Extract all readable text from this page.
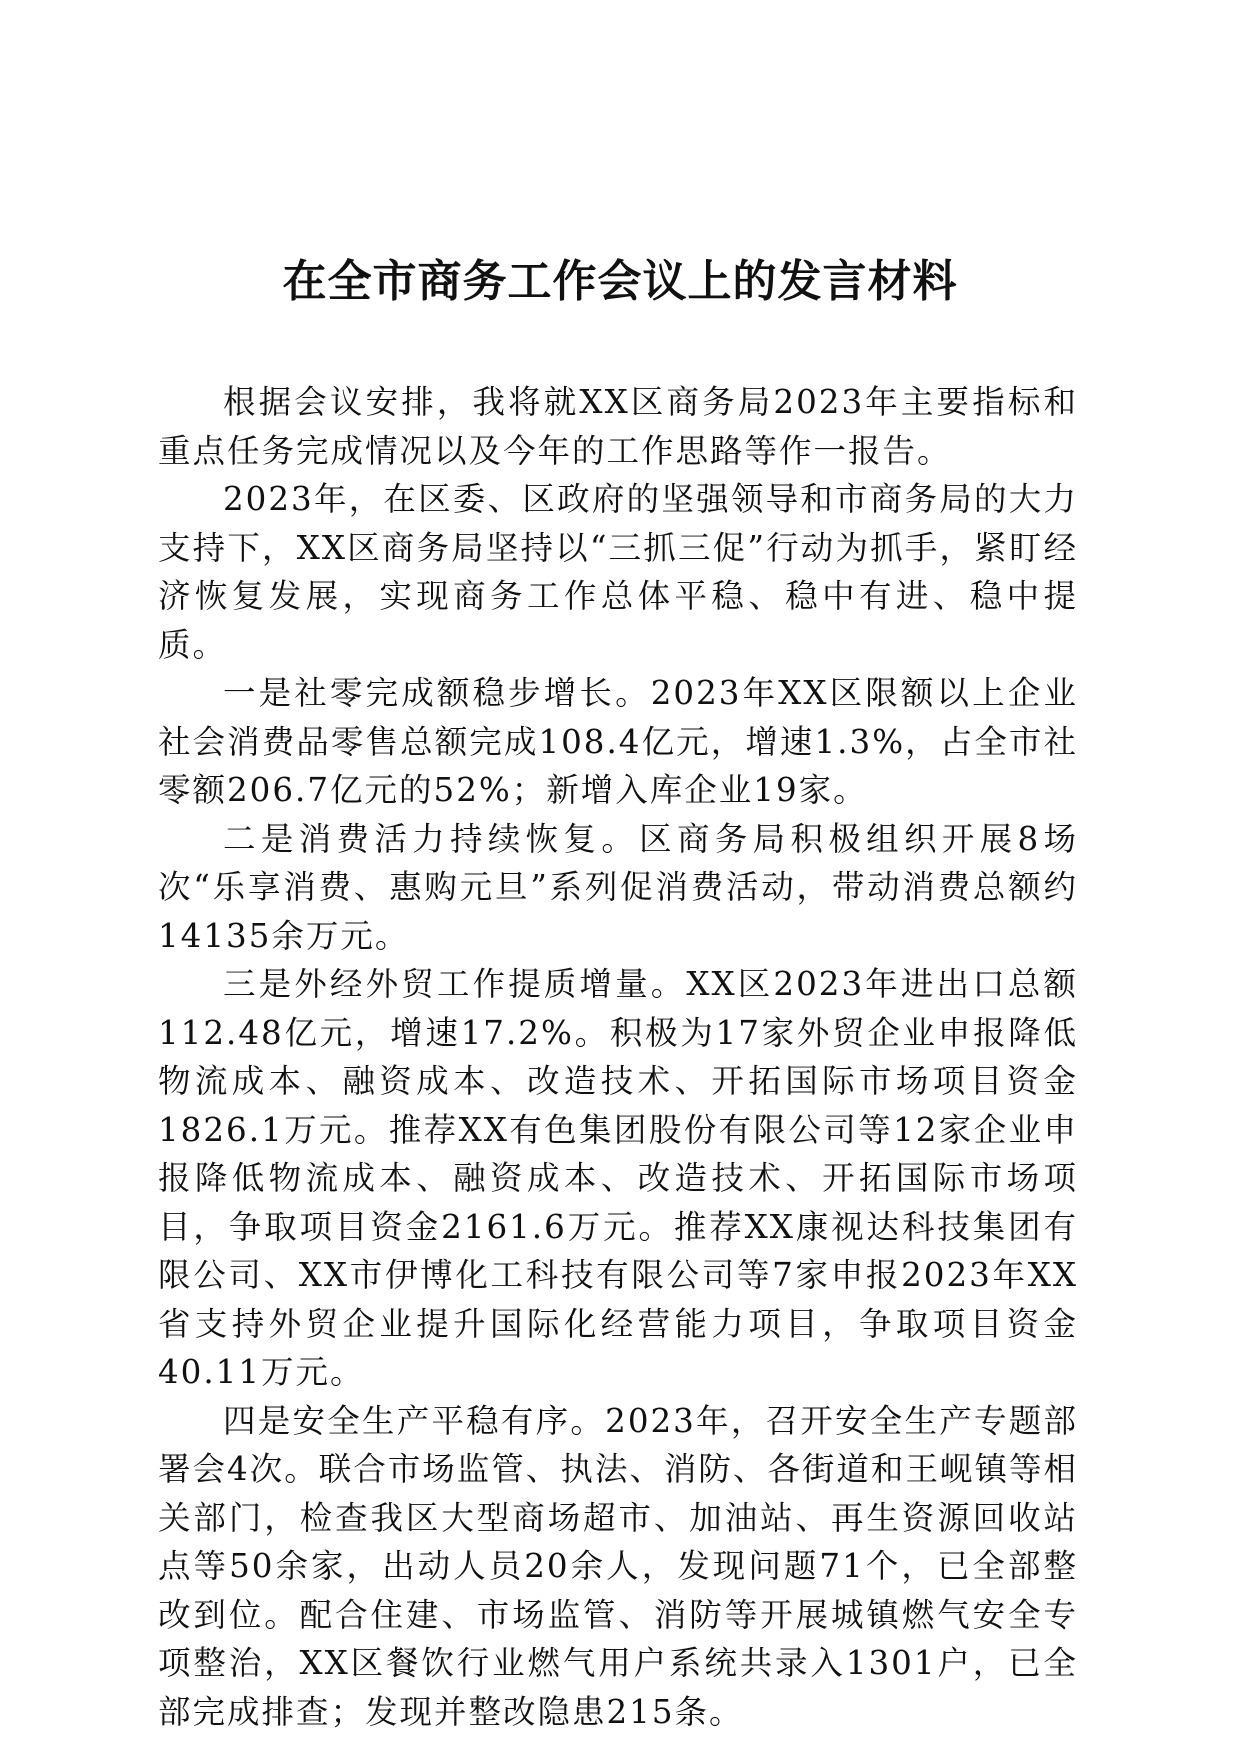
在全市商务工作会议上的发言材料

根据会议安排，我将就XX区商务局2023年主要指标和重点任务完成情况以及今年的工作思路等作一报告。

2023年，在区委、区政府的坚强领导和市商务局的大力支持下，XX区商务局坚持以“三抓三促”行动为抓手，紧盯经济恢复发展，实现商务工作总体平稳、稳中有进、稳中提质。

一是社零完成额稳步增长。2023年XX区限额以上企业社会消费品零售总额完成108.4亿元，增速1.3%，占全市社零额206.7亿元的52%；新增入库企业19家。

二是消费活力持续恢复。区商务局积极组织开展8场次“乐享消费、惠购元旦”系列促消费活动，带动消费总额约14135余万元。

三是外经外贸工作提质增量。XX区2023年进出口总额112.48亿元，增速17.2%。积极为17家外贸企业申报降低物流成本、融资成本、改造技术、开拓国际市场项目资金1826.1万元。推荐XX有色集团股份有限公司等12家企业申报降低物流成本、融资成本、改造技术、开拓国际市场项目，争取项目资金2161.6万元。推荐XX康视达科技集团有限公司、XX市伊博化工科技有限公司等7家申报2023年XX省支持外贸企业提升国际化经营能力项目，争取项目资金40.11万元。

四是安全生产平稳有序。2023年，召开安全生产专题部署会4次。联合市场监管、执法、消防、各街道和王岘镇等相关部门，检查我区大型商场超市、加油站、再生资源回收站点等50余家，出动人员20余人，发现问题71个，已全部整改到位。配合住建、市场监管、消防等开展城镇燃气安全专项整治，XX区餐饮行业燃气用户系统共录入1301户，已全部完成排查；发现并整改隐患215条。
